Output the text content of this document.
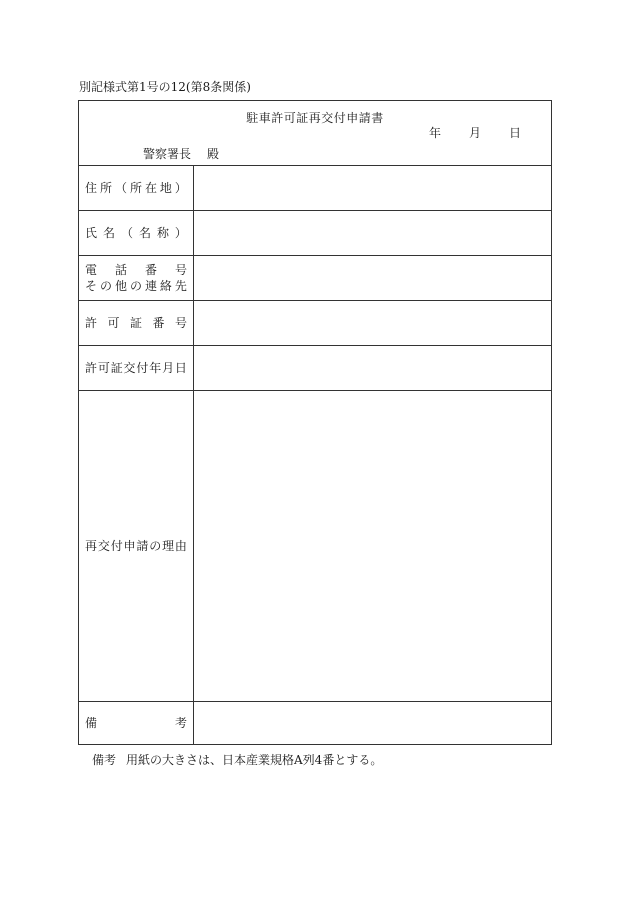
別記様式第1号の12(第8条関係)
駐車許可証再交付申請書
年 月 日
警察署長 殿
住 所 （ 所 在 地 ）
氏 名 （ 名 称 ）
電 話 番 号
そ の 他 の 連 絡 先
許 可 証 番 号
許 可 証 交 付 年 月 日
再 交 付 申 請 の 理 由
備	考
備考 用紙の大きさは、日本産業規格A列4番とする。
